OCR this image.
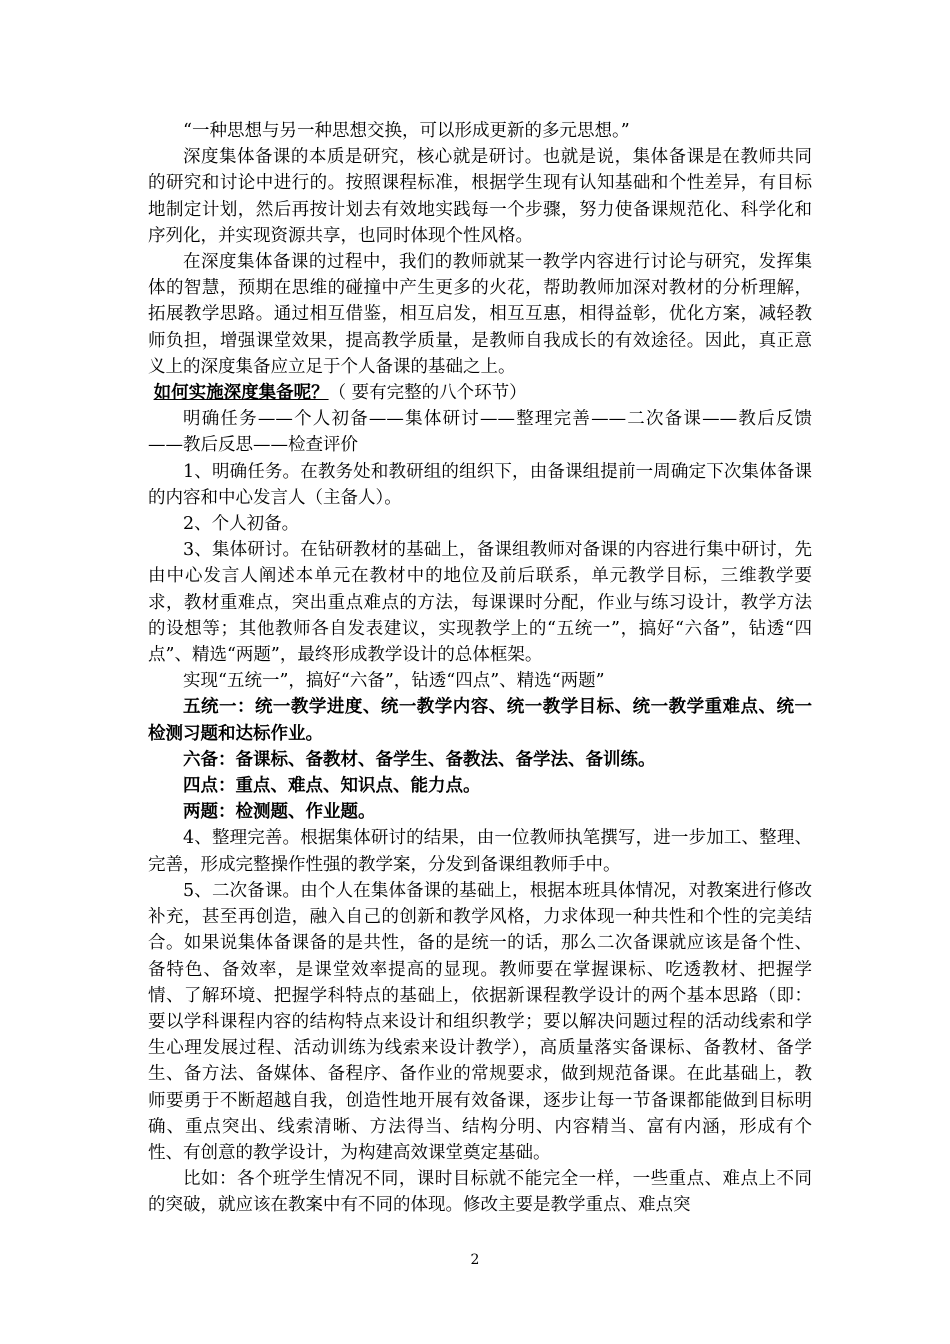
“一种思想与另一种思想交换，可以形成更新的多元思想。”

深度集体备课的本质是研究，核心就是研讨。也就是说，集体备课是在教师共同的研究和讨论中进行的。按照课程标准，根据学生现有认知基础和个性差异，有目标地制定计划，然后再按计划去有效地实践每一个步骤，努力使备课规范化、科学化和序列化，并实现资源共享，也同时体现个性风格。

在深度集体备课的过程中，我们的教师就某一教学内容进行讨论与研究，发挥集体的智慧，预期在思维的碰撞中产生更多的火花，帮助教师加深对教材的分析理解，拓展教学思路。通过相互借鉴，相互启发，相互互惠，相得益彰，优化方案，减轻教师负担，增强课堂效果，提高教学质量，是教师自我成长的有效途径。因此，真正意义上的深度集备应立足于个人备课的基础之上。

如何实施深度集备呢？（ 要有完整的八个环节）

明确任务——个人初备——集体研讨——整理完善——二次备课——教后反馈——教后反思——检查评价

1、明确任务。在教务处和教研组的组织下，由备课组提前一周确定下次集体备课的内容和中心发言人（主备人）。

2、个人初备。

3、集体研讨。在钻研教材的基础上，备课组教师对备课的内容进行集中研讨，先由中心发言人阐述本单元在教材中的地位及前后联系，单元教学目标，三维教学要求，教材重难点，突出重点难点的方法，每课课时分配，作业与练习设计，教学方法的设想等；其他教师各自发表建议，实现教学上的“五统一”，搞好“六备”，钻透“四点”、精选“两题”，最终形成教学设计的总体框架。

实现“五统一”，搞好“六备”，钻透“四点”、精选“两题”

五统一：统一教学进度、统一教学内容、统一教学目标、统一教学重难点、统一检测习题和达标作业。

六备：备课标、备教材、备学生、备教法、备学法、备训练。

四点：重点、难点、知识点、能力点。

两题：检测题、作业题。

4、整理完善。根据集体研讨的结果，由一位教师执笔撰写，进一步加工、整理、完善，形成完整操作性强的教学案，分发到备课组教师手中。

5、二次备课。由个人在集体备课的基础上，根据本班具体情况，对教案进行修改补充，甚至再创造，融入自己的创新和教学风格，力求体现一种共性和个性的完美结合。如果说集体备课备的是共性，备的是统一的话，那么二次备课就应该是备个性、备特色、备效率，是课堂效率提高的显现。教师要在掌握课标、吃透教材、把握学情、了解环境、把握学科特点的基础上，依据新课程教学设计的两个基本思路（即：要以学科课程内容的结构特点来设计和组织教学；要以解决问题过程的活动线索和学生心理发展过程、活动训练为线索来设计教学），高质量落实备课标、备教材、备学生、备方法、备媒体、备程序、备作业的常规要求，做到规范备课。在此基础上，教师要勇于不断超越自我，创造性地开展有效备课，逐步让每一节备课都能做到目标明确、重点突出、线索清晰、方法得当、结构分明、内容精当、富有内涵，形成有个性、有创意的教学设计，为构建高效课堂奠定基础。

比如：各个班学生情况不同，课时目标就不能完全一样，一些重点、难点上不同的突破，就应该在教案中有不同的体现。修改主要是教学重点、难点突

2
